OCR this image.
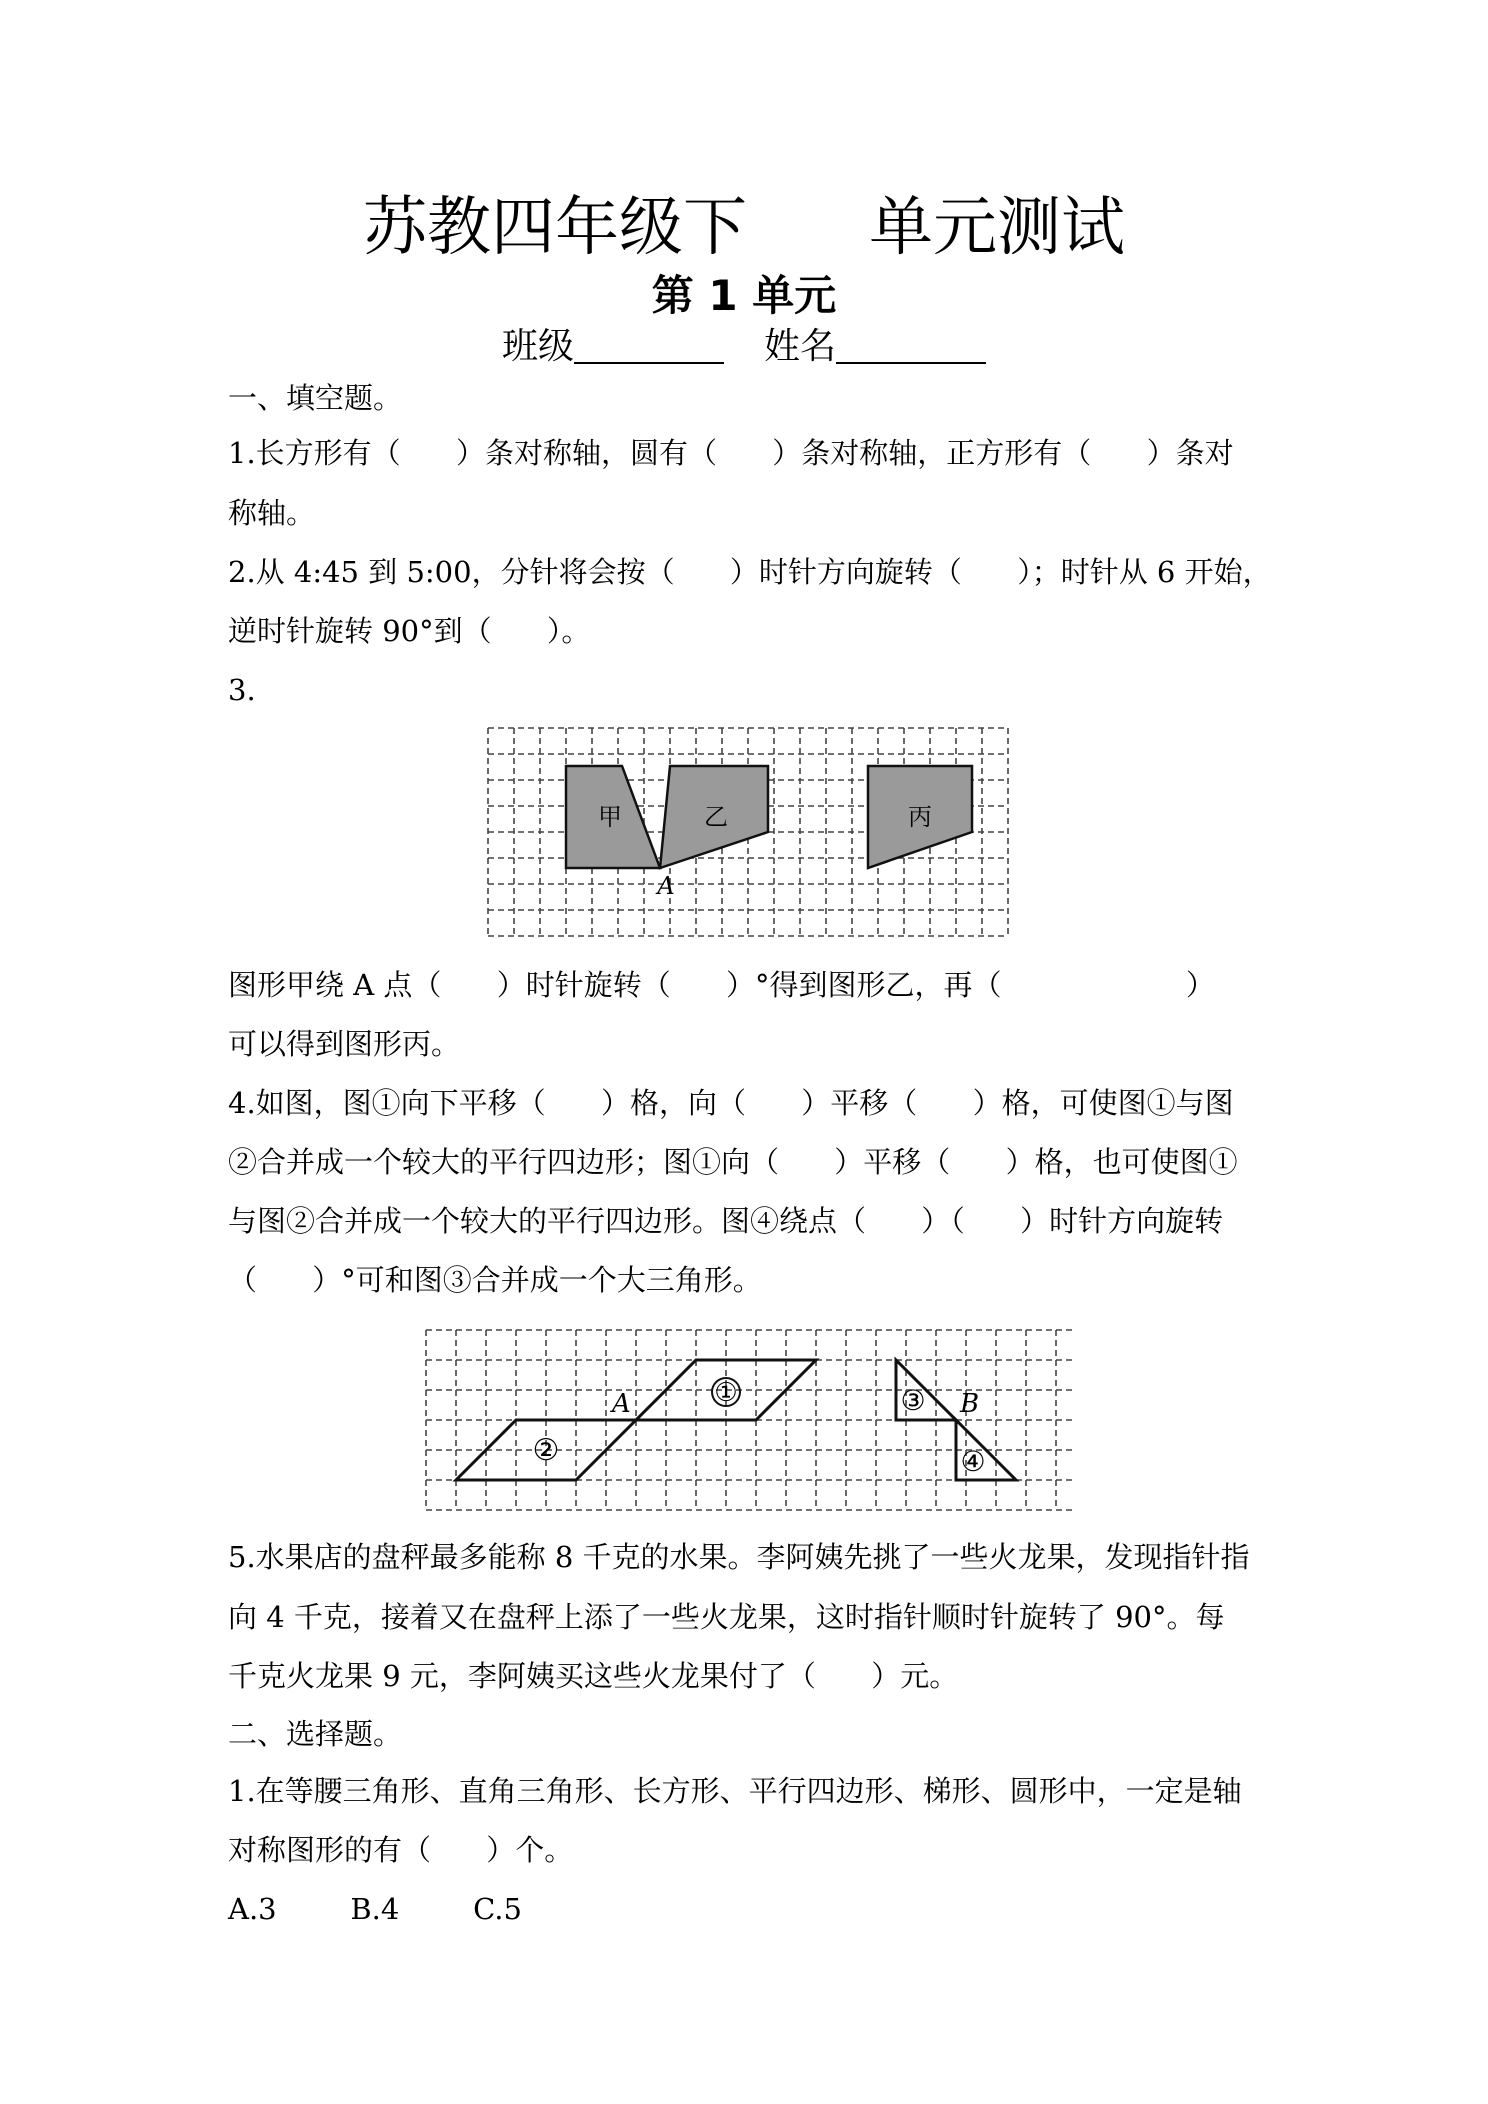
苏教四年级下      单元测试
第 1 单元
班级	姓名
一、填空题。
1.长方形有（      ）条对称轴，圆有（      ）条对称轴，正方形有（      ）条对
称轴。
2.从 4:45 到 5:00，分针将会按（      ）时针方向旋转（      ）；时针从 6 开始，
逆时针旋转 90°到（      ）。
3.
甲	乙	丙
A
图形甲绕 A 点（      ）时针旋转（      ）°得到图形乙，再（                    ）
可以得到图形丙。
4.如图，图①向下平移（      ）格，向（      ）平移（      ）格，可使图①与图
②合并成一个较大的平行四边形；图①向（      ）平移（      ）格，也可使图①
与图②合并成一个较大的平行四边形。图④绕点（      ）（      ）时针方向旋转
（      ）°可和图③合并成一个大三角形。
①
②
③
④
A	B
5.水果店的盘秤最多能称 8 千克的水果。李阿姨先挑了一些火龙果，发现指针指
向 4 千克，接着又在盘秤上添了一些火龙果，这时指针顺时针旋转了 90°。每
千克火龙果 9 元，李阿姨买这些火龙果付了（      ）元。
二、选择题。
1.在等腰三角形、直角三角形、长方形、平行四边形、梯形、圆形中，一定是轴
对称图形的有（      ）个。
A.3        B.4        C.5
